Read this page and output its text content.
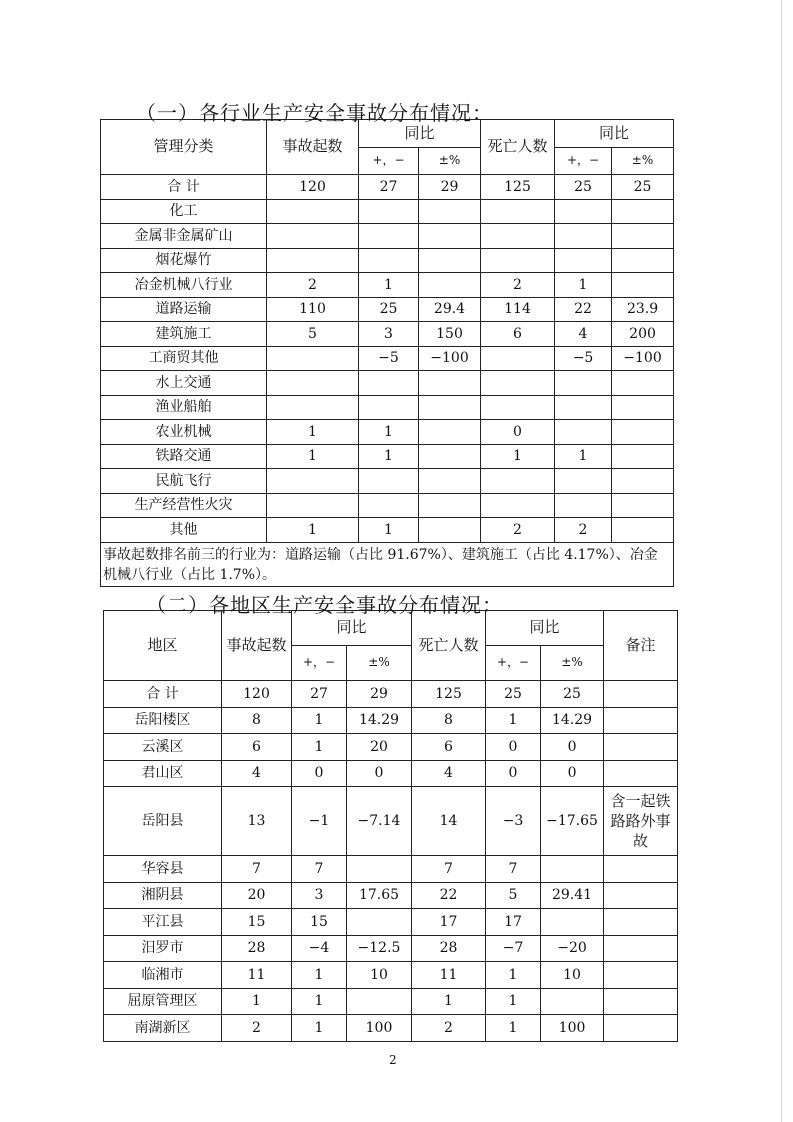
（一）各行业生产安全事故分布情况：
管理分类	事故起数	同比		死亡人数	同比	
		+，−	±%		+，−	±%
合 计	120	27	29	125	25	25
化工						
金属非金属矿山						
烟花爆竹						
冶金机械八行业	2	1		2	1	
道路运输	110	25	29.4	114	22	23.9
建筑施工	5	3	150	6	4	200
工商贸其他		−5	−100		−5	−100
水上交通						
渔业船舶						
农业机械	1	1		0		
铁路交通	1	1		1	1	
民航飞行						
生产经营性火灾						
其他	1	1		2	2	
事故起数排名前三的行业为：道路运输（占比 91.67%）、建筑施工（占比 4.17%）、冶金机械八行业（占比 1.7%）。						
（二）各地区生产安全事故分布情况：
地区	事故起数	同比		死亡人数	同比		备注
		+，−	±%		+，−	±%	
合 计	120	27	29	125	25	25	
岳阳楼区	8	1	14.29	8	1	14.29	
云溪区	6	1	20	6	0	0	
君山区	4	0	0	4	0	0	
岳阳县	13	−1	−7.14	14	−3	−17.65	含一起铁路路外事故
华容县	7	7		7	7		
湘阴县	20	3	17.65	22	5	29.41	
平江县	15	15		17	17		
汨罗市	28	−4	−12.5	28	−7	−20	
临湘市	11	1	10	11	1	10	
屈原管理区	1	1		1	1		
南湖新区	2	1	100	2	1	100	
2
